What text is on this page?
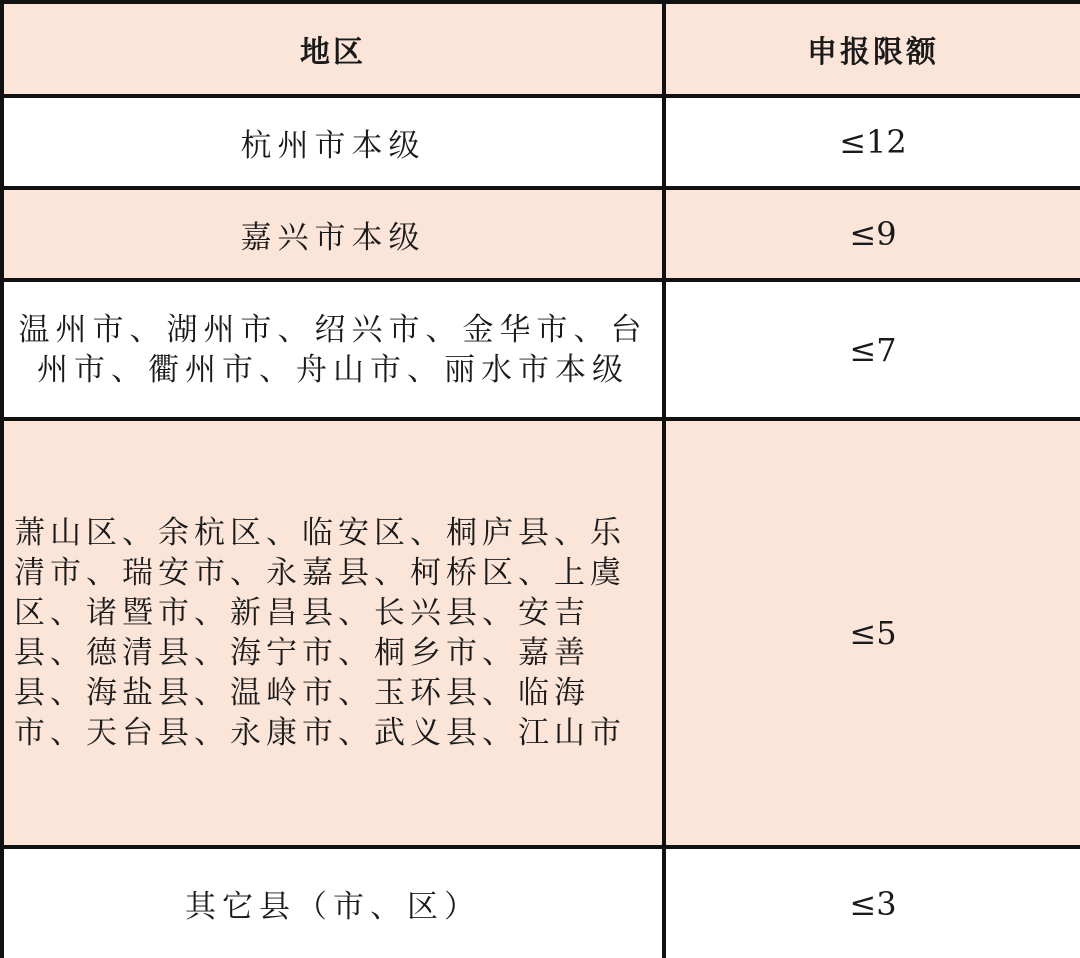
地区	申报限额
杭州市本级	≤12
嘉兴市本级	≤9
温州市、湖州市、绍兴市、金华市、台州市、衢州市、舟山市、丽水市本级	≤7
萧山区、余杭区、临安区、桐庐县、乐清市、瑞安市、永嘉县、柯桥区、上虞区、诸暨市、新昌县、长兴县、安吉县、德清县、海宁市、桐乡市、嘉善县、海盐县、温岭市、玉环县、临海市、天台县、永康市、武义县、江山市	≤5
其它县（市、区）	≤3
